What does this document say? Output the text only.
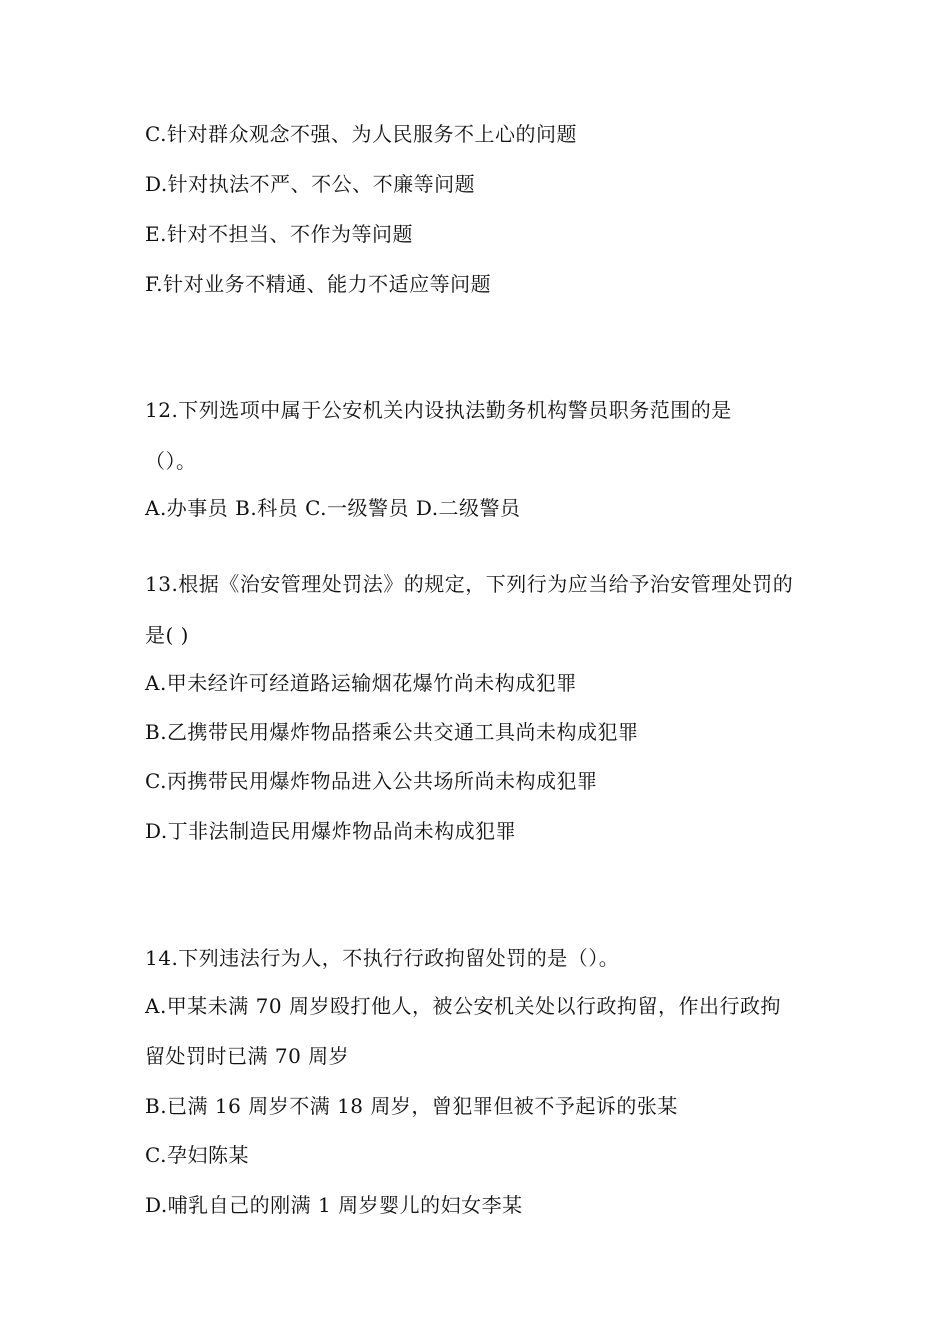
C.针对群众观念不强、为人民服务不上心的问题
D.针对执法不严、不公、不廉等问题
E.针对不担当、不作为等问题
F.针对业务不精通、能力不适应等问题
12.下列选项中属于公安机关内设执法勤务机构警员职务范围的是
（）。
A.办事员 B.科员 C.一级警员 D.二级警员
13.根据《治安管理处罚法》的规定，下列行为应当给予治安管理处罚的
是( )
A.甲未经许可经道路运输烟花爆竹尚未构成犯罪
B.乙携带民用爆炸物品搭乘公共交通工具尚未构成犯罪
C.丙携带民用爆炸物品进入公共场所尚未构成犯罪
D.丁非法制造民用爆炸物品尚未构成犯罪
14.下列违法行为人，不执行行政拘留处罚的是（）。
A.甲某未满 70 周岁殴打他人，被公安机关处以行政拘留，作出行政拘
留处罚时已满 70 周岁
B.已满 16 周岁不满 18 周岁，曾犯罪但被不予起诉的张某
C.孕妇陈某
D.哺乳自己的刚满 1 周岁婴儿的妇女李某
